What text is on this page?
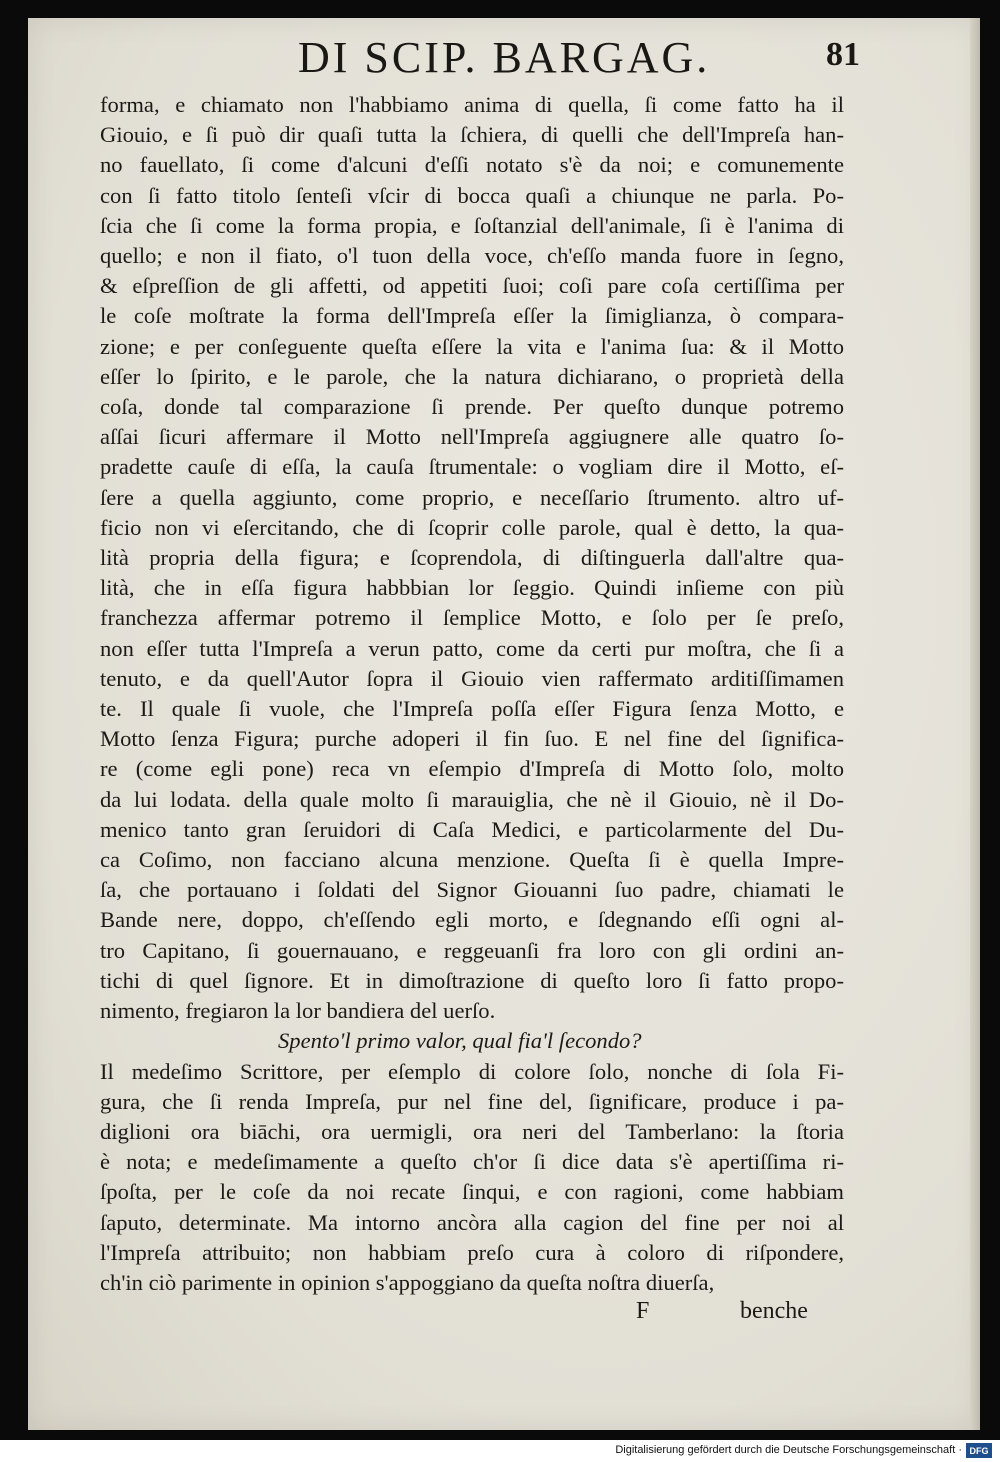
DI SCIP. BARGAG.	81
forma, e chiamato non l'habbiamo anima di quella, ſi come fatto ha il
Giouio, e ſi può dir quaſi tutta la ſchiera, di quelli che dell'Impreſa han-
no fauellato, ſi come d'alcuni d'eſſi notato s'è da noi; e comunemente
con ſi fatto titolo ſenteſi vſcir di bocca quaſi a chiunque ne parla. Po-
ſcia che ſi come la forma propia, e ſoſtanzial dell'animale, ſi è l'anima di
quello; e non il fiato, o'l tuon della voce, ch'eſſo manda fuore in ſegno,
& eſpreſſion de gli affetti, od appetiti ſuoi; coſi pare coſa certiſſima per
le coſe moſtrate la forma dell'Impreſa eſſer la ſimiglianza, ò compara-
zione; e per conſeguente queſta eſſere la vita e l'anima ſua: & il Motto
eſſer lo ſpirito, e le parole, che la natura dichiarano, o proprietà della
coſa, donde tal comparazione ſi prende. Per queſto dunque potremo
aſſai ſicuri affermare il Motto nell'Impreſa aggiugnere alle quatro ſo-
pradette cauſe di eſſa, la cauſa ſtrumentale: o vogliam dire il Motto, eſ-
ſere a quella aggiunto, come proprio, e neceſſario ſtrumento. altro uf-
ficio non vi eſercitando, che di ſcoprir colle parole, qual è detto, la qua-
lità propria della figura; e ſcoprendola, di diſtinguerla dall'altre qua-
lità, che in eſſa figura habbbian lor ſeggio. Quindi inſieme con più
franchezza affermar potremo il ſemplice Motto, e ſolo per ſe preſo,
non eſſer tutta l'Impreſa a verun patto, come da certi pur moſtra, che ſi a
tenuto, e da quell'Autor ſopra il Giouio vien raffermato arditiſſimamen
te. Il quale ſi vuole, che l'Impreſa poſſa eſſer Figura ſenza Motto, e
Motto ſenza Figura; purche adoperi il fin ſuo. E nel fine del ſignifica-
re (come egli pone) reca vn eſempio d'Impreſa di Motto ſolo, molto
da lui lodata. della quale molto ſi marauiglia, che nè il Giouio, nè il Do-
menico tanto gran ſeruidori di Caſa Medici, e particolarmente del Du-
ca Coſimo, non facciano alcuna menzione. Queſta ſi è quella Impre-
ſa, che portauano i ſoldati del Signor Giouanni ſuo padre, chiamati le
Bande nere, doppo, ch'eſſendo egli morto, e ſdegnando eſſi ogni al-
tro Capitano, ſi gouernauano, e reggeuanſi fra loro con gli ordini an-
tichi di quel ſignore. Et in dimoſtrazione di queſto loro ſi fatto propo-
nimento, fregiaron la lor bandiera del uerſo.
Spento'l primo valor, qual fia'l ſecondo?
Il medeſimo Scrittore, per eſemplo di colore ſolo, nonche di ſola Fi-
gura, che ſi renda Impreſa, pur nel fine del, ſignificare, produce i pa-
diglioni ora biāchi, ora uermigli, ora neri del Tamberlano: la ſtoria
è nota; e medeſimamente a queſto ch'or ſi dice data s'è apertiſſima ri-
ſpoſta, per le coſe da noi recate ſinqui, e con ragioni, come habbiam
ſaputo, determinate. Ma intorno ancòra alla cagion del fine per noi al
l'Impreſa attribuito; non habbiam preſo cura à coloro di riſpondere,
ch'in ciò parimente in opinion s'appoggiano da queſta noſtra diuerſa,
F	benche
Digitalisierung gefördert durch die Deutsche Forschungsgemeinschaft · DFG
